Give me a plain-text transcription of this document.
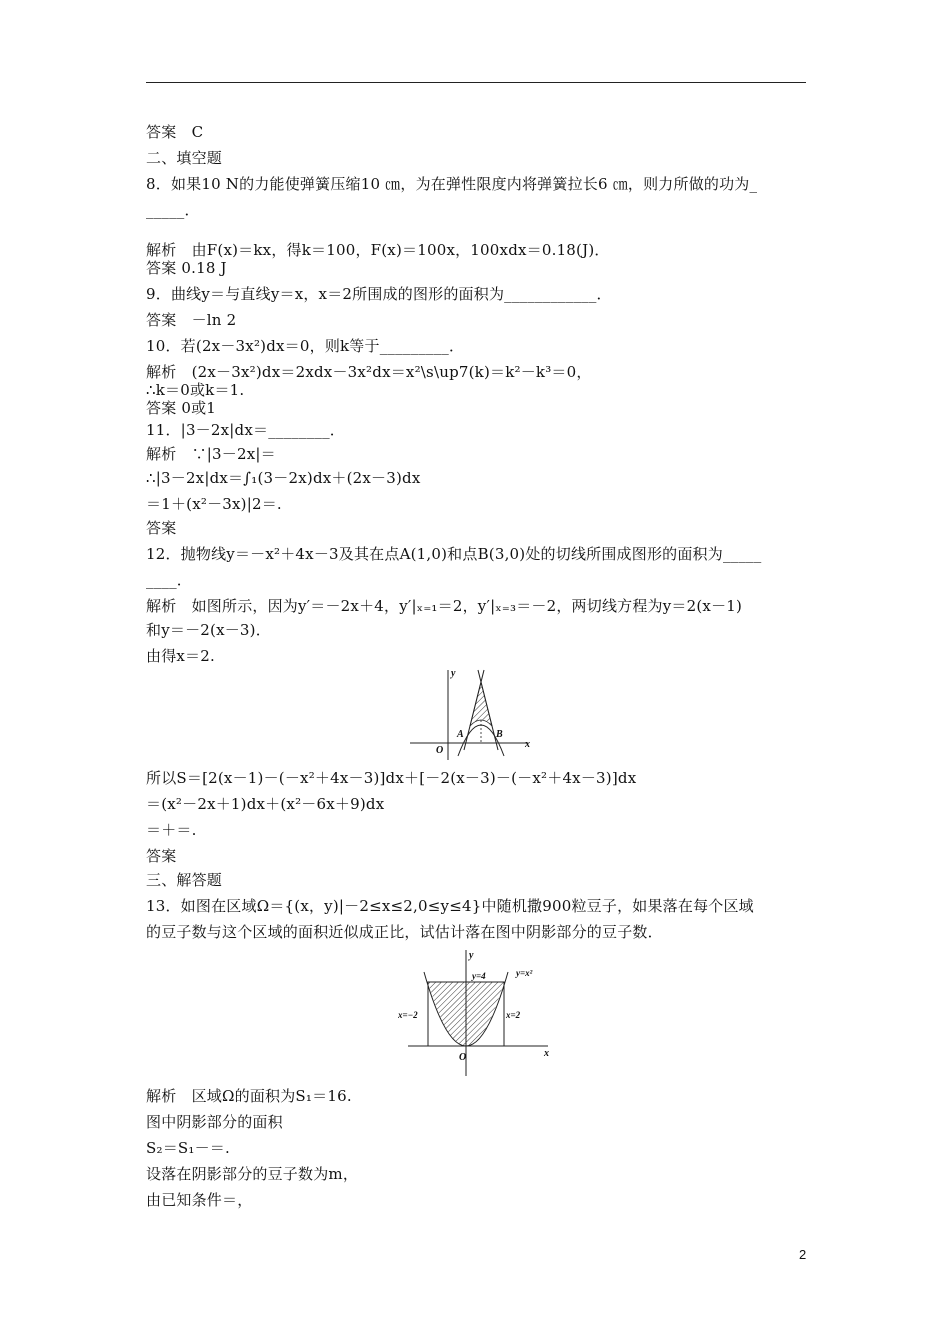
答案　C
二、填空题
8．如果10 N的力能使弹簧压缩10 ㎝，为在弹性限度内将弹簧拉长6 ㎝，则力所做的功为_
_____．
解析　由F(x)＝kx，得k＝100，F(x)＝100x，100xdx＝0.18(J)．
答案 0.18 J
9．曲线y＝与直线y＝x，x＝2所围成的图形的面积为____________．
答案　－ln 2
10．若(2x－3x²)dx＝0，则k等于_________．
解析　(2x－3x²)dx＝2xdx－3x²dx＝x²\s\up7(k)＝k²－k³＝0，
∴k＝0或k＝1.
答案 0或1
11．|3－2x|dx＝________．
解析　∵|3－2x|＝
∴|3－2x|dx＝∫₁(3－2x)dx＋(2x－3)dx
＝1＋(x²－3x)|2＝.
答案
12．抛物线y＝－x²＋4x－3及其在点A(1,0)和点B(3,0)处的切线所围成图形的面积为_____
____．
解析　如图所示，因为y′＝－2x＋4，y′|ₓ₌₁＝2，y′|ₓ₌₃＝－2，两切线方程为y＝2(x－1)
和y＝－2(x－3)．
由得x＝2.
所以S＝[2(x－1)－(－x²＋4x－3)]dx＋[－2(x－3)－(－x²＋4x－3)]dx
＝(x²－2x＋1)dx＋(x²－6x＋9)dx
＝＋＝.
答案
三、解答题
13．如图在区域Ω＝{(x，y)|－2≤x≤2,0≤y≤4}中随机撒900粒豆子，如果落在每个区域
的豆子数与这个区域的面积近似成正比，试估计落在图中阴影部分的豆子数．
解析　区域Ω的面积为S₁＝16.
图中阴影部分的面积
S₂＝S₁－＝.
设落在阴影部分的豆子数为m，
由已知条件＝，
y
x
O
A	B
y
x
O
y=4	y=x²
x=−2	x=2
2
